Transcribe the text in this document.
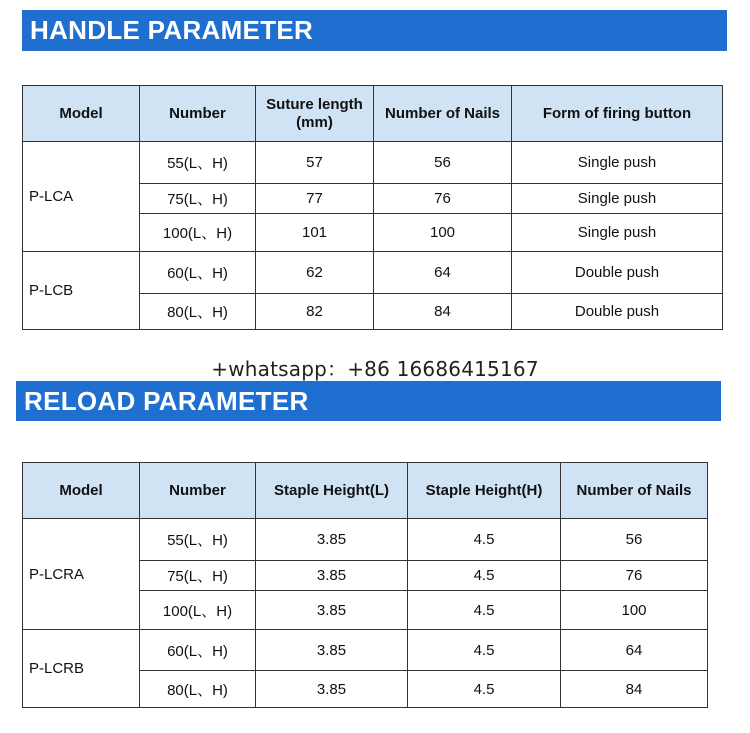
HANDLE PARAMETER
Model	Number	Suture length (mm)	Number of Nails	Form of firing button
P-LCA	55(L、H)	57	56	Single push
	75(L、H)	77	76	Single push
	100(L、H)	101	100	Single push
P-LCB	60(L、H)	62	64	Double push
	80(L、H)	82	84	Double push
+whatsapp：+86 16686415167
RELOAD PARAMETER
Model	Number	Staple Height(L)	Staple Height(H)	Number of Nails
P-LCRA	55(L、H)	3.85	4.5	56
	75(L、H)	3.85	4.5	76
	100(L、H)	3.85	4.5	100
P-LCRB	60(L、H)	3.85	4.5	64
	80(L、H)	3.85	4.5	84
